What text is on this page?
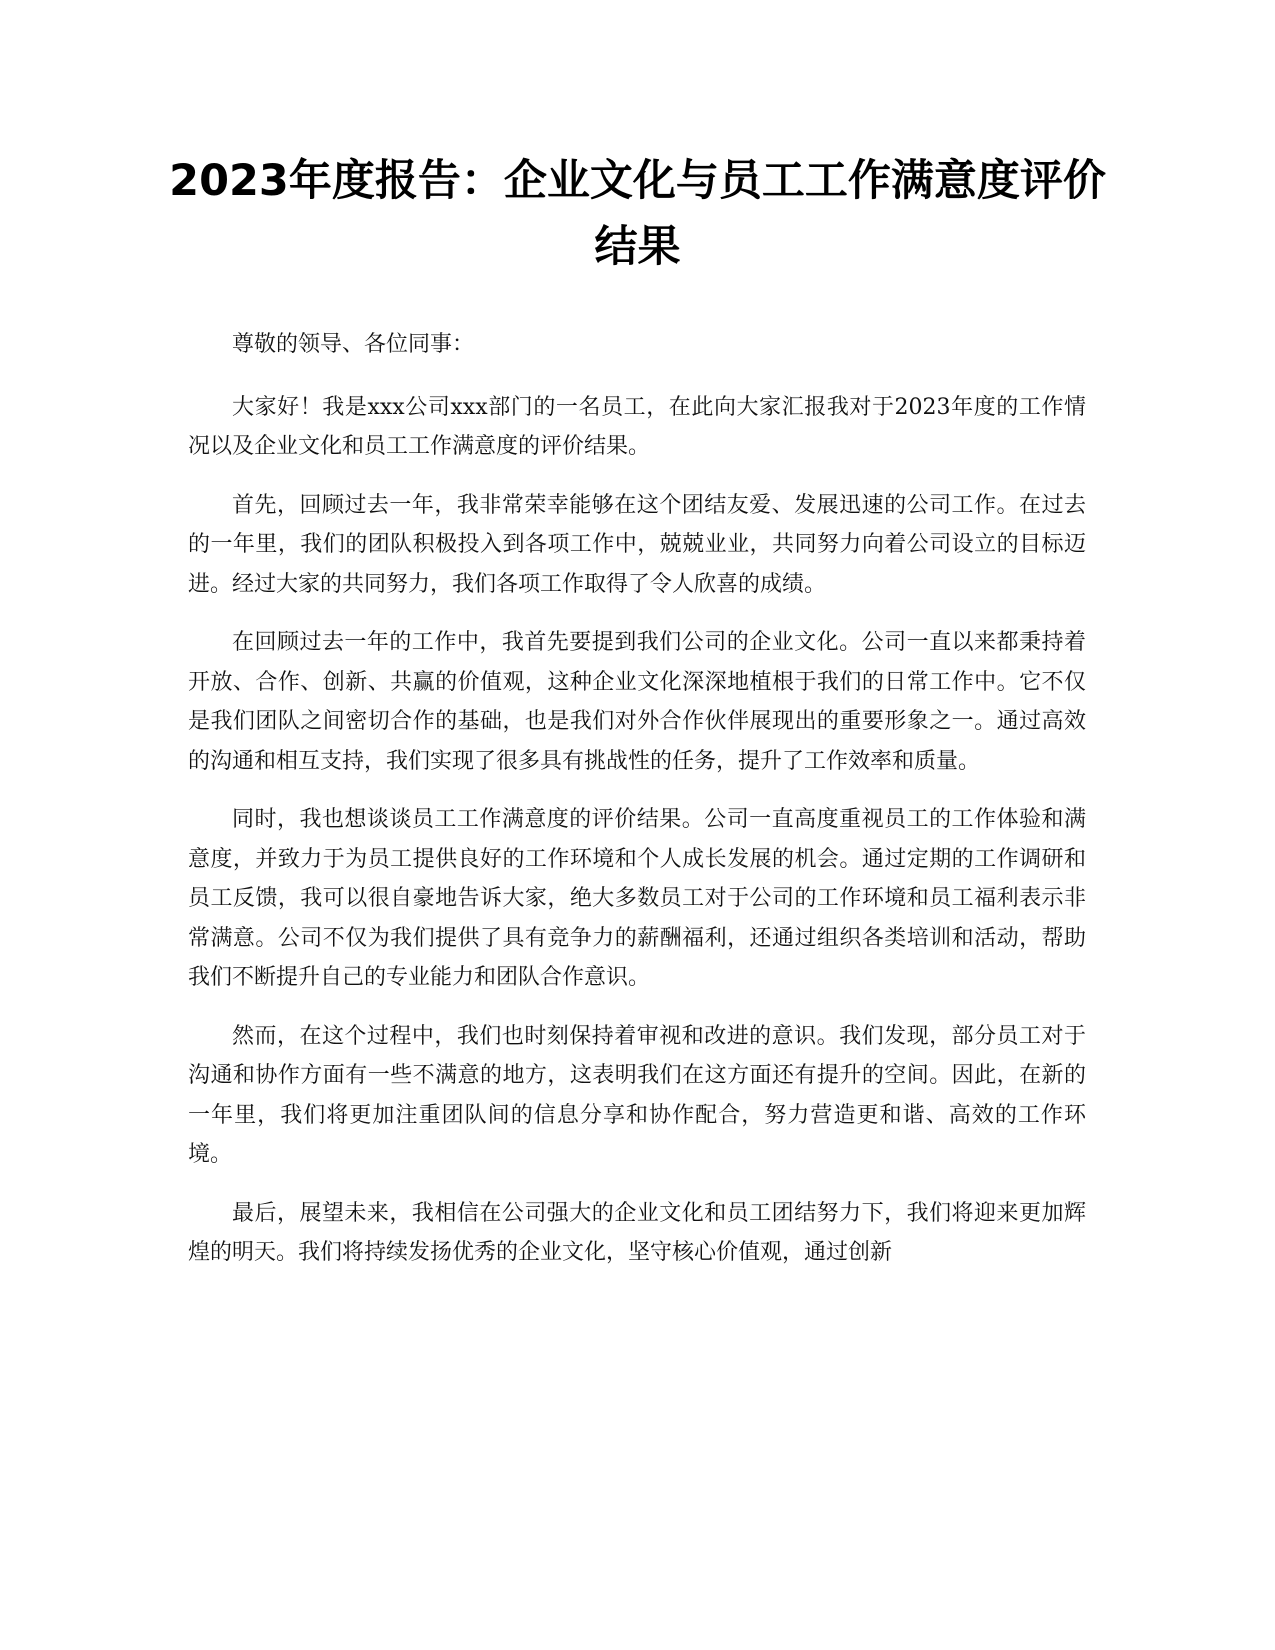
2023年度报告：企业文化与员工工作满意度评价结果

尊敬的领导、各位同事：

大家好！我是xxx公司xxx部门的一名员工，在此向大家汇报我对于2023年度的工作情况以及企业文化和员工工作满意度的评价结果。

首先，回顾过去一年，我非常荣幸能够在这个团结友爱、发展迅速的公司工作。在过去的一年里，我们的团队积极投入到各项工作中，兢兢业业，共同努力向着公司设立的目标迈进。经过大家的共同努力，我们各项工作取得了令人欣喜的成绩。

在回顾过去一年的工作中，我首先要提到我们公司的企业文化。公司一直以来都秉持着开放、合作、创新、共赢的价值观，这种企业文化深深地植根于我们的日常工作中。它不仅是我们团队之间密切合作的基础，也是我们对外合作伙伴展现出的重要形象之一。通过高效的沟通和相互支持，我们实现了很多具有挑战性的任务，提升了工作效率和质量。

同时，我也想谈谈员工工作满意度的评价结果。公司一直高度重视员工的工作体验和满意度，并致力于为员工提供良好的工作环境和个人成长发展的机会。通过定期的工作调研和员工反馈，我可以很自豪地告诉大家，绝大多数员工对于公司的工作环境和员工福利表示非常满意。公司不仅为我们提供了具有竞争力的薪酬福利，还通过组织各类培训和活动，帮助我们不断提升自己的专业能力和团队合作意识。

然而，在这个过程中，我们也时刻保持着审视和改进的意识。我们发现，部分员工对于沟通和协作方面有一些不满意的地方，这表明我们在这方面还有提升的空间。因此，在新的一年里，我们将更加注重团队间的信息分享和协作配合，努力营造更和谐、高效的工作环境。

最后，展望未来，我相信在公司强大的企业文化和员工团结努力下，我们将迎来更加辉煌的明天。我们将持续发扬优秀的企业文化，坚守核心价值观，通过创新
